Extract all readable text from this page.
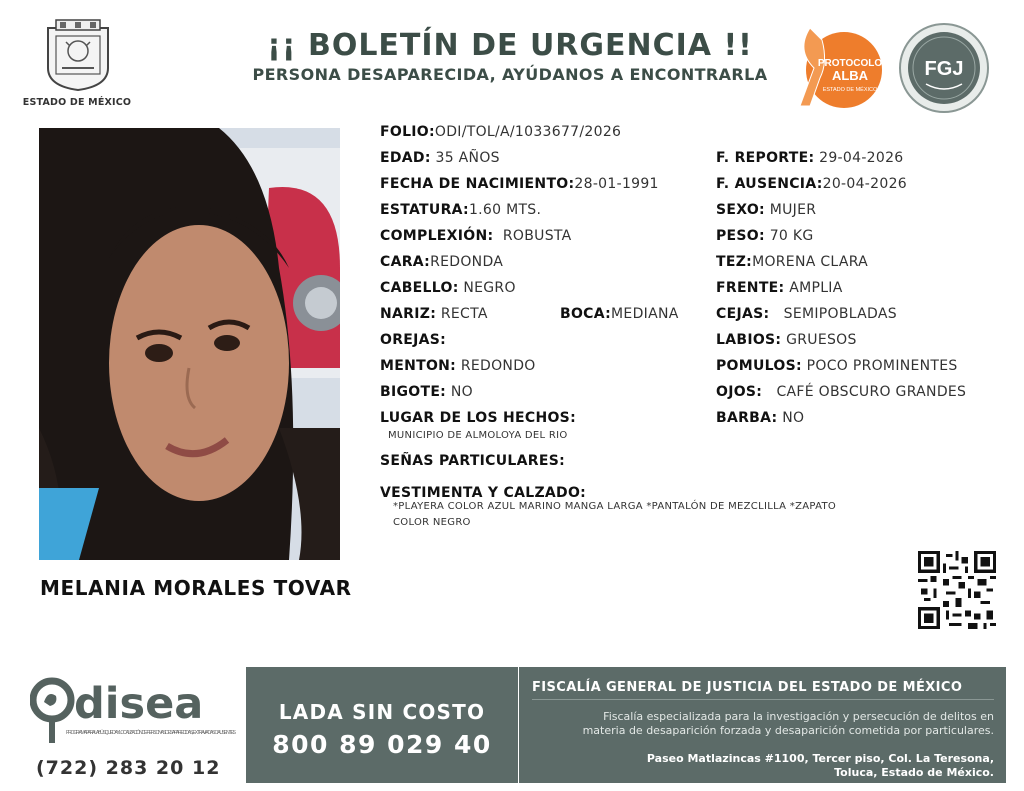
ESTADO DE MÉXICO
¡¡ BOLETÍN DE URGENCIA !!
PERSONA DESAPARECIDA, AYÚDANOS A ENCONTRARLA
PROTOCOLO
ALBA
ESTADO DE MÉXICO
FGJ
MELANIA MORALES TOVAR
FOLIO:ODI/TOL/A/1033677/2026
EDAD: 35 AÑOS
FECHA DE NACIMIENTO:28-01-1991
ESTATURA:1.60 MTS.
COMPLEXIÓN: ROBUSTA
CARA:REDONDA
CABELLO: NEGRO
NARIZ: RECTA	BOCA:MEDIANA
OREJAS:
MENTON: REDONDO
BIGOTE: NO
LUGAR DE LOS HECHOS:
MUNICIPIO DE ALMOLOYA DEL RIO
SEÑAS PARTICULARES:
VESTIMENTA Y CALZADO:
*PLAYERA COLOR AZUL MARINO MANGA LARGA *PANTALÓN DE MEZCLILLA *ZAPATO
COLOR NEGRO
F. REPORTE: 29-04-2026
F. AUSENCIA:20-04-2026
SEXO: MUJER
PESO: 70 KG
TEZ:MORENA CLARA
FRENTE: AMPLIA
CEJAS: SEMIPOBLADAS
LABIOS: GRUESOS
POMULOS: POCO PROMINENTES
OJOS: CAFÉ OBSCURO GRANDES
BARBA: NO
disea
PROGRAMA PARA LA BÚSQUEDA Y LOCALIZACIÓN DE PERSONAS DESAPARECIDAS, EXTRAVIADAS O AUSENTES
(722) 283 20 12
LADA SIN COSTO
800 89 029 40
FISCALÍA GENERAL DE JUSTICIA DEL ESTADO DE MÉXICO
Fiscalía especializada para la investigación y persecución de delitos en
materia de desaparición forzada y desaparición cometida por particulares.
Paseo Matlazincas #1100, Tercer piso, Col. La Teresona,
Toluca, Estado de México.
